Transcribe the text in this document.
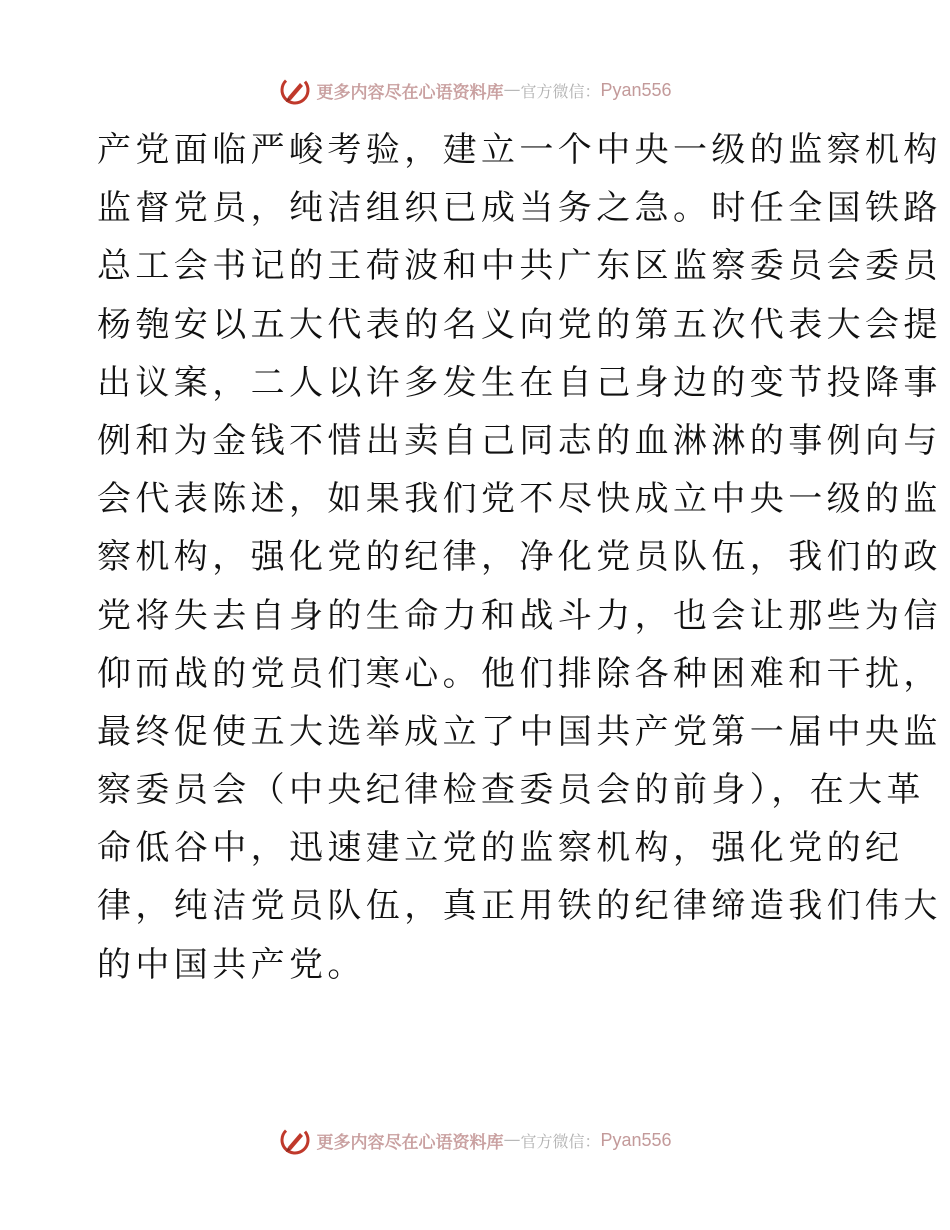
更多内容尽在心语资料库 — 官方微信： Pyan556
产党面临严峻考验，建立一个中央一级的监察机构
监督党员，纯洁组织已成当务之急。时任全国铁路
总工会书记的王荷波和中共广东区监察委员会委员
杨匏安以五大代表的名义向党的第五次代表大会提
出议案，二人以许多发生在自己身边的变节投降事
例和为金钱不惜出卖自己同志的血淋淋的事例向与
会代表陈述，如果我们党不尽快成立中央一级的监
察机构，强化党的纪律，净化党员队伍，我们的政
党将失去自身的生命力和战斗力，也会让那些为信
仰而战的党员们寒心。他们排除各种困难和干扰，
最终促使五大选举成立了中国共产党第一届中央监
察委员会（中央纪律检查委员会的前身），在大革
命低谷中，迅速建立党的监察机构，强化党的纪
律，纯洁党员队伍，真正用铁的纪律缔造我们伟大
的中国共产党。
更多内容尽在心语资料库 — 官方微信： Pyan556
